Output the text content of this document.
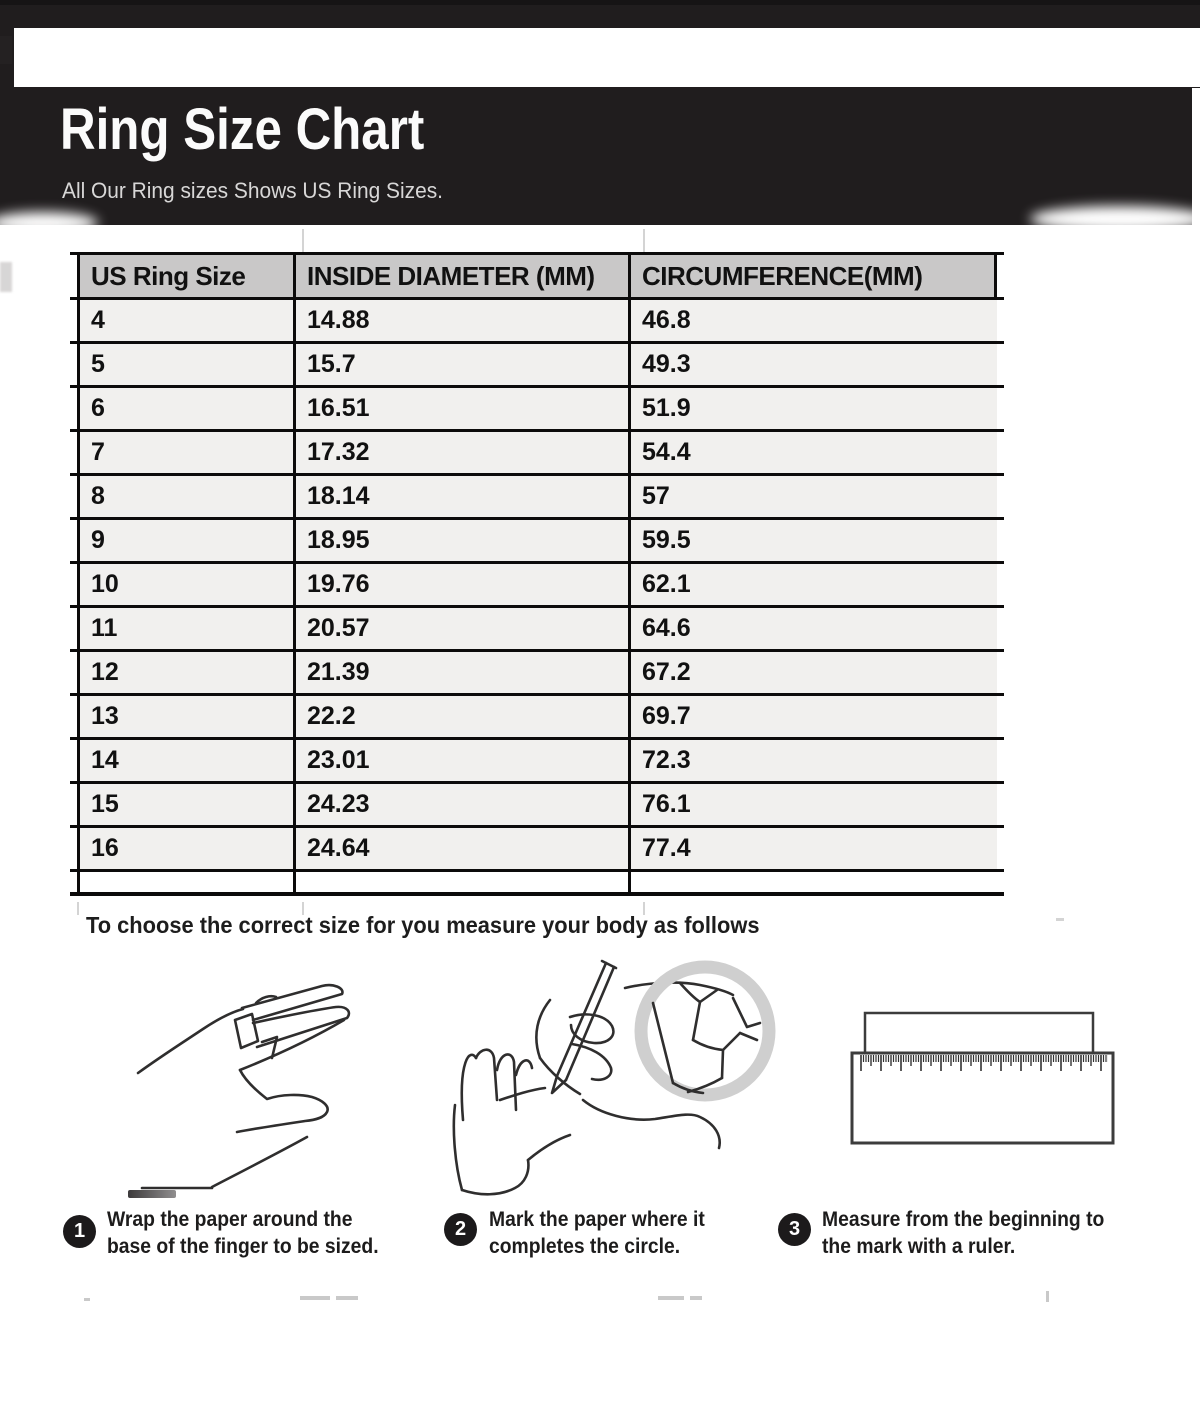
Ring Size Chart
All Our Ring sizes Shows US Ring Sizes.
US Ring Size	INSIDE DIAMETER (MM)	CIRCUMFERENCE(MM)
4	14.88	46.8
5	15.7	49.3
6	16.51	51.9
7	17.32	54.4
8	18.14	57
9	18.95	59.5
10	19.76	62.1
11	20.57	64.6
12	21.39	67.2
13	22.2	69.7
14	23.01	72.3
15	24.23	76.1
16	24.64	77.4
To choose the correct size for you measure your body as follows
1	Wrap the paper around the
base of the finger to be sized.
2	Mark the paper where it
completes the circle.
3	Measure from the beginning to
the mark with a ruler.
